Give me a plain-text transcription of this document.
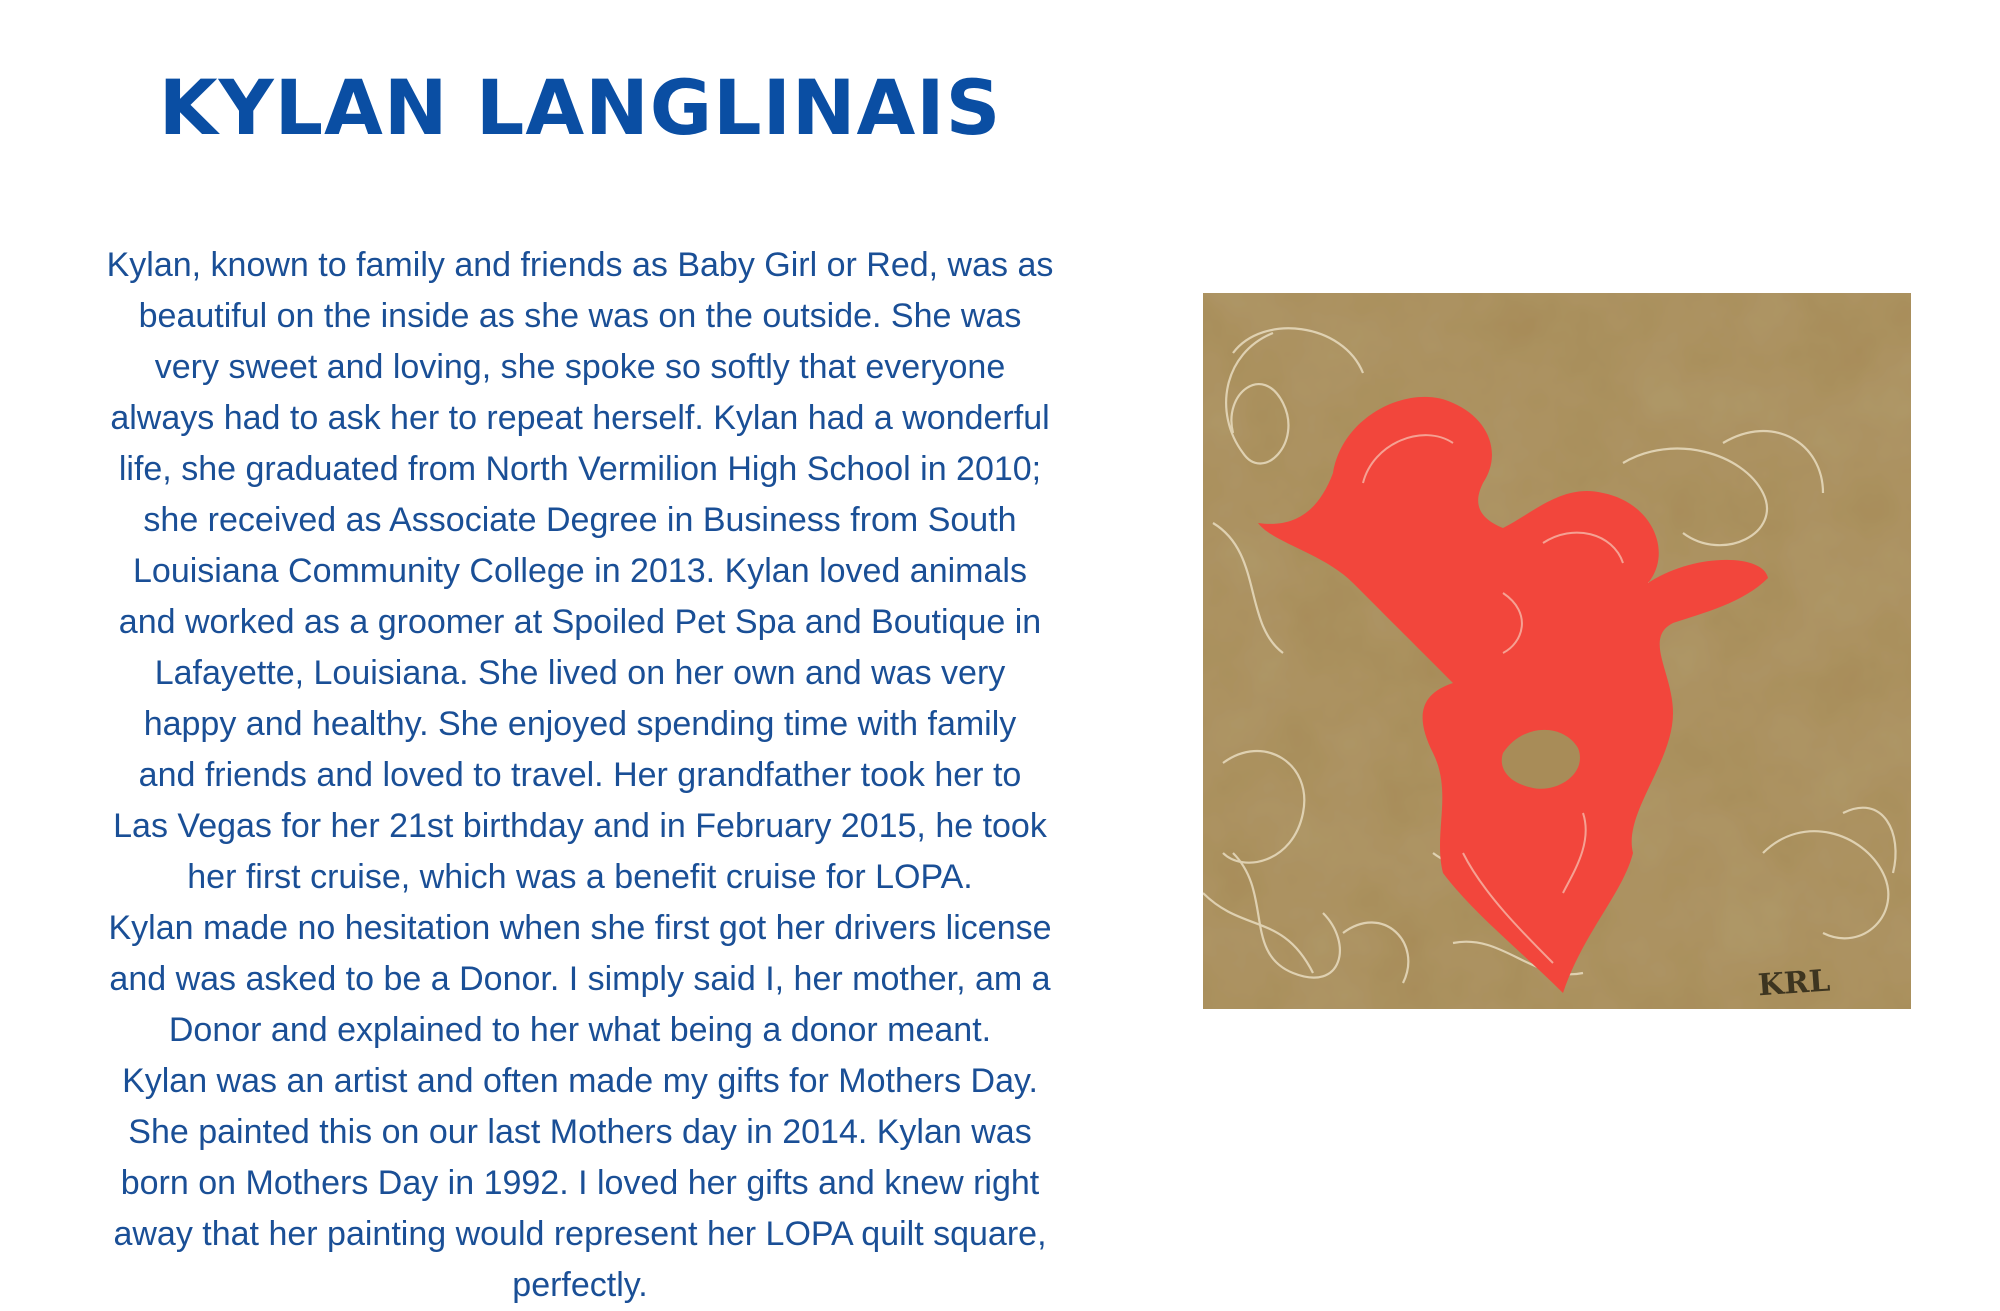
KYLAN LANGLINAIS
Kylan, known to family and friends as Baby Girl or Red, was as
beautiful on the inside as she was on the outside. She was
very sweet and loving, she spoke so softly that everyone
always had to ask her to repeat herself. Kylan had a wonderful
life, she graduated from North Vermilion High School in 2010;
she received as Associate Degree in Business from South
Louisiana Community College in 2013. Kylan loved animals
and worked as a groomer at Spoiled Pet Spa and Boutique in
Lafayette, Louisiana. She lived on her own and was very
happy and healthy. She enjoyed spending time with family
and friends and loved to travel. Her grandfather took her to
Las Vegas for her 21st birthday and in February 2015, he took
her first cruise, which was a benefit cruise for LOPA.
Kylan made no hesitation when she first got her drivers license
and was asked to be a Donor. I simply said I, her mother, am a
Donor and explained to her what being a donor meant.
Kylan was an artist and often made my gifts for Mothers Day.
She painted this on our last Mothers day in 2014. Kylan was
born on Mothers Day in 1992. I loved her gifts and knew right
away that her painting would represent her LOPA quilt square,
perfectly.
KRL
